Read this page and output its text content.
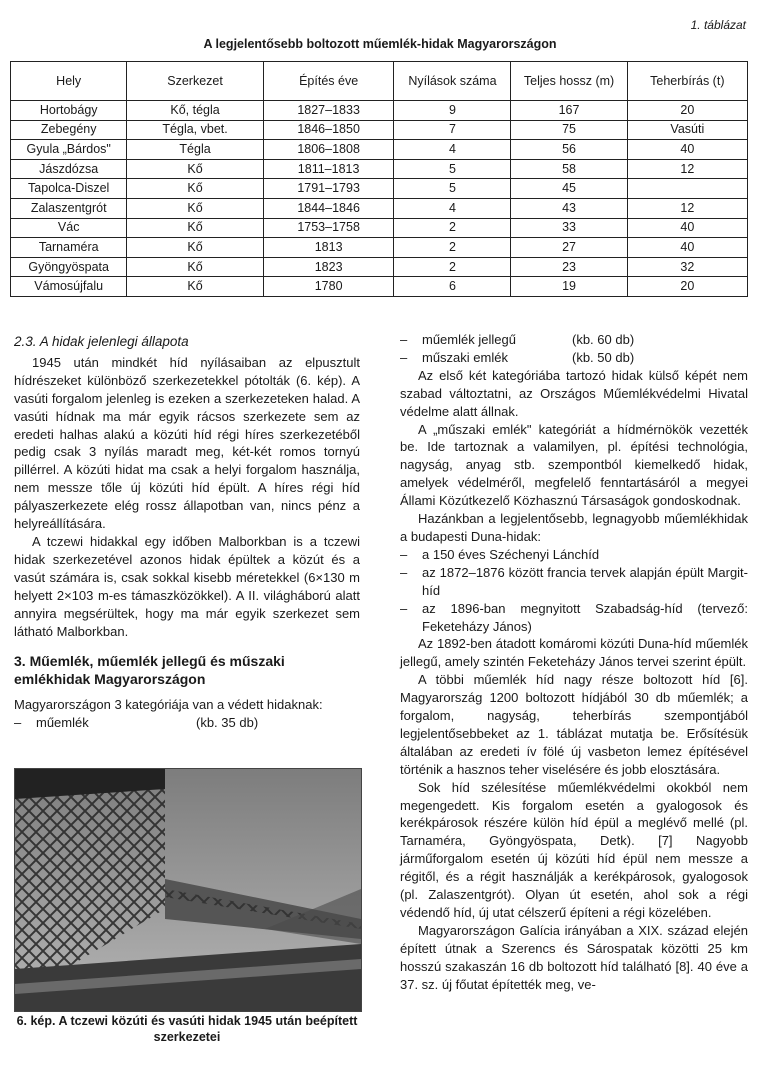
1. táblázat
A legjelentősebb boltozott műemlék-hidak Magyarországon
Hely	Szerkezet	Építés éve	Nyílások száma	Teljes hossz (m)	Teherbírás (t)
Hortobágy	Kő, tégla	1827–1833	9	167	20
Zebegény	Tégla, vbet.	1846–1850	7	75	Vasúti
Gyula „Bárdos"	Tégla	1806–1808	4	56	40
Jászdózsa	Kő	1811–1813	5	58	12
Tapolca-Diszel	Kő	1791–1793	5	45	
Zalaszentgrót	Kő	1844–1846	4	43	12
Vác	Kő	1753–1758	2	33	40
Tarnaméra	Kő	1813	2	27	40
Gyöngyöspata	Kő	1823	2	23	32
Vámosújfalu	Kő	1780	6	19	20
2.3. A hidak jelenlegi állapota

1945 után mindkét híd nyílásaiban az elpusztult hídrészeket különböző szerkezetekkel pótolták (6. kép). A vasúti forgalom jelenleg is ezeken a szerkezeteken halad. A vasúti hídnak ma már egyik rácsos szerkezete sem az eredeti halhas alakú a közúti híd régi híres szerkezetéből pedig csak 3 nyílás maradt meg, két-két romos tornyú pillérrel. A közúti hidat ma csak a helyi forgalom használja, nem messze tőle új közúti híd épült. A híres régi híd pályaszerkezete elég rossz állapotban van, nincs pénz a helyreállítására.

A tczewi hidakkal egy időben Malborkban is a tczewi hidak szerkezetével azonos hidak épültek a közút és a vasút számára is, csak sokkal kisebb méretekkel (6×130 m helyett 2×103 m-es támaszközökkel). A II. világháború alatt annyira megsérültek, hogy ma már egyik szerkezet sem látható Malborkban.

3. Műemlék, műemlék jellegű és műszaki emlékhidak Magyarországon

Magyarországon 3 kategóriája van a védett hidaknak:

–	műemlék	(kb. 35 db)
6. kép. A tczewi közúti és vasúti hidak 1945 után beépített szerkezetei
–	műemlék jellegű	(kb. 60 db)
–	műszaki emlék	(kb. 50 db)

Az első két kategóriába tartozó hidak külső képét nem szabad változtatni, az Országos Műemlékvédelmi Hivatal védelme alatt állnak.

A „műszaki emlék" kategóriát a hídmérnökök vezették be. Ide tartoznak a valamilyen, pl. építési technológia, nagyság, anyag stb. szempontból kiemelkedő hidak, amelyek védelméről, megfelelő fenntartásáról a megyei Állami Közútkezelő Közhasznú Társaságok gondoskodnak.

Hazánkban a legjelentősebb, legnagyobb műemlékhidak a budapesti Duna-hidak:

–	a 150 éves Széchenyi Lánchíd
–	az 1872–1876 között francia tervek alapján épült Margit-híd
–	az 1896-ban megnyitott Szabadság-híd (tervező: Feketeházy János)

Az 1892-ben átadott komáromi közúti Duna-híd műemlék jellegű, amely szintén Feketeházy János tervei szerint épült.

A többi műemlék híd nagy része boltozott híd [6]. Magyarország 1200 boltozott hídjából 30 db műemlék; a forgalom, nagyság, teherbírás szempontjából legjelentősebbeket az 1. táblázat mutatja be. Erősítésük általában az eredeti ív fölé új vasbeton lemez építésével történik a hasznos teher viselésére és jobb elosztására.

Sok híd szélesítése műemlékvédelmi okokból nem megengedett. Kis forgalom esetén a gyalogosok és kerékpárosok részére külön híd épül a meglévő mellé (pl. Tarnaméra, Gyöngyöspata, Detk). [7] Nagyobb járműforgalom esetén új közúti híd épül nem messze a régitől, és a régit használják a kerékpárosok, gyalogosok (pl. Zalaszentgrót). Olyan út esetén, ahol sok a régi védendő híd, új utat célszerű építeni a régi közelében.

Magyarországon Galícia irányában a XIX. század elején épített útnak a Szerencs és Sárospatak közötti 25 km hosszú szakaszán 16 db boltozott híd található [8]. 40 éve a 37. sz. új főutat építették meg, ve-
